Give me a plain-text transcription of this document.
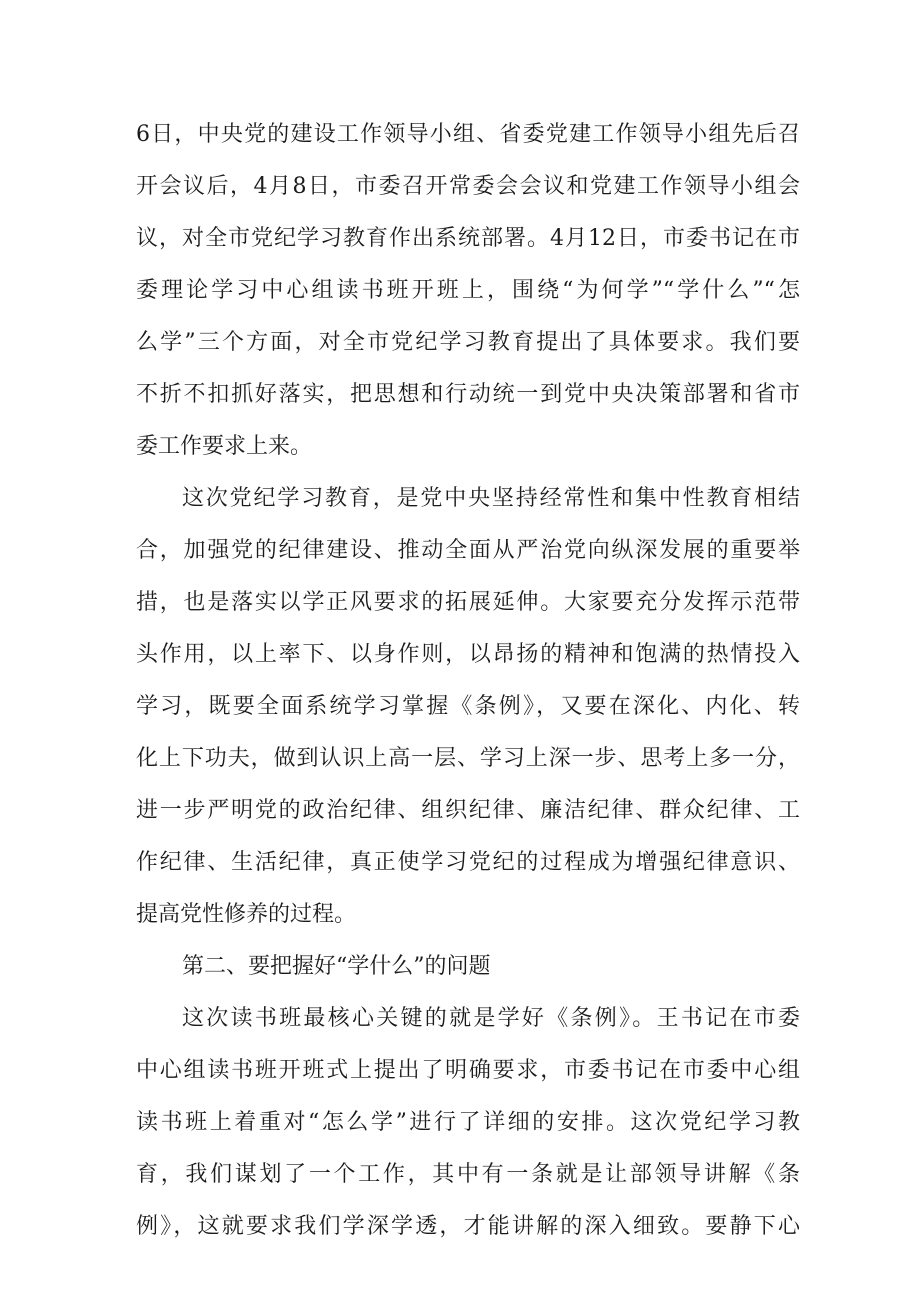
6日，中央党的建设工作领导小组、省委党建工作领导小组先后召
开会议后，4月8日，市委召开常委会会议和党建工作领导小组会
议，对全市党纪学习教育作出系统部署。4月12日，市委书记在市
委理论学习中心组读书班开班上，围绕“为何学”“学什么”“怎
么学”三个方面，对全市党纪学习教育提出了具体要求。我们要
不折不扣抓好落实，把思想和行动统一到党中央决策部署和省市
委工作要求上来。
这次党纪学习教育，是党中央坚持经常性和集中性教育相结
合，加强党的纪律建设、推动全面从严治党向纵深发展的重要举
措，也是落实以学正风要求的拓展延伸。大家要充分发挥示范带
头作用，以上率下、以身作则，以昂扬的精神和饱满的热情投入
学习，既要全面系统学习掌握《条例》，又要在深化、内化、转
化上下功夫，做到认识上高一层、学习上深一步、思考上多一分，
进一步严明党的政治纪律、组织纪律、廉洁纪律、群众纪律、工
作纪律、生活纪律，真正使学习党纪的过程成为增强纪律意识、
提高党性修养的过程。
第二、要把握好“学什么”的问题
这次读书班最核心关键的就是学好《条例》。王书记在市委
中心组读书班开班式上提出了明确要求，市委书记在市委中心组
读书班上着重对“怎么学”进行了详细的安排。这次党纪学习教
育，我们谋划了一个工作，其中有一条就是让部领导讲解《条
例》，这就要求我们学深学透，才能讲解的深入细致。要静下心
